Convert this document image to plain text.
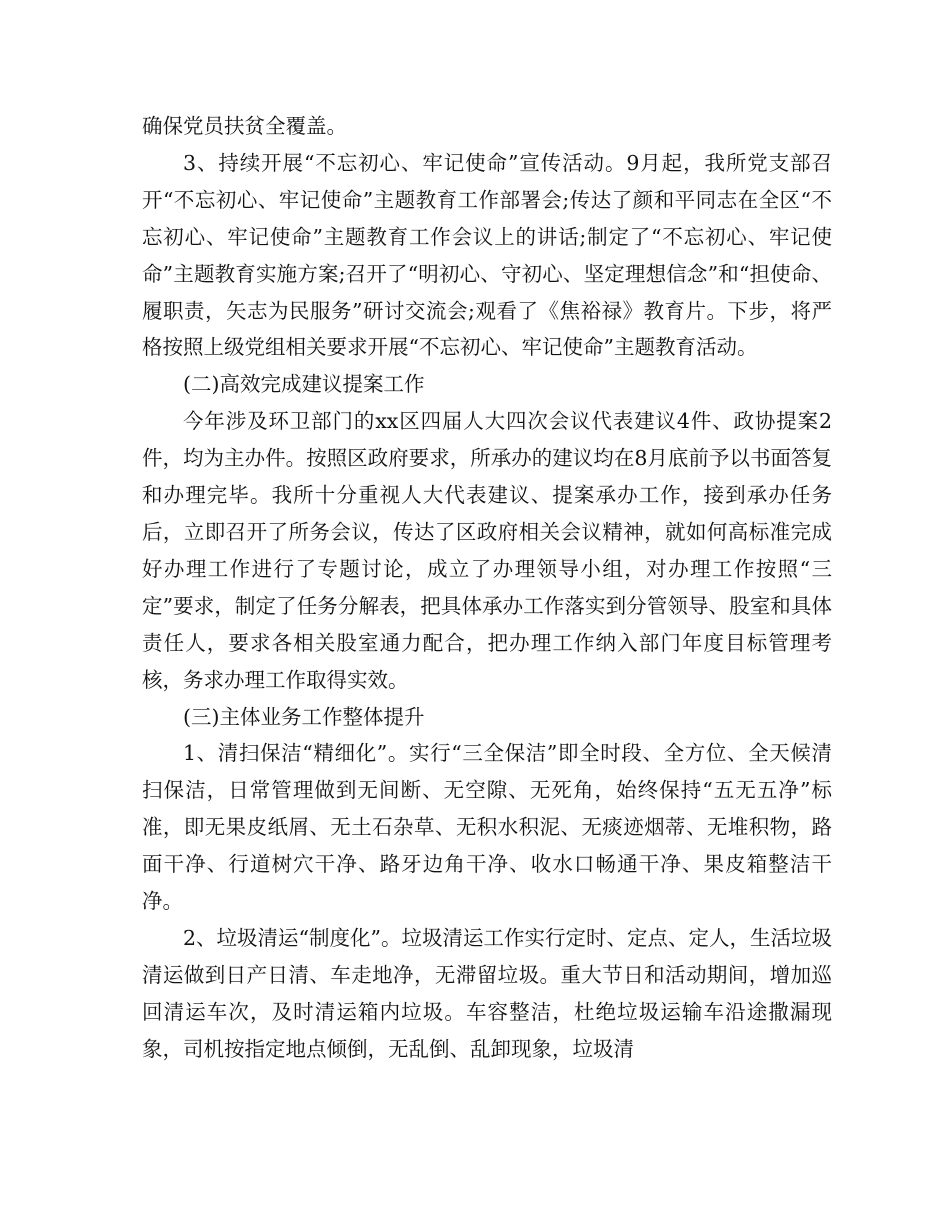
确保党员扶贫全覆盖。

3、持续开展“不忘初心、牢记使命”宣传活动。9月起，我所党支部召开“不忘初心、牢记使命”主题教育工作部署会;传达了颜和平同志在全区“不忘初心、牢记使命”主题教育工作会议上的讲话;制定了“不忘初心、牢记使命”主题教育实施方案;召开了“明初心、守初心、坚定理想信念”和“担使命、履职责，矢志为民服务”研讨交流会;观看了《焦裕禄》教育片。下步，将严格按照上级党组相关要求开展“不忘初心、牢记使命”主题教育活动。

(二)高效完成建议提案工作

今年涉及环卫部门的xx区四届人大四次会议代表建议4件、政协提案2件，均为主办件。按照区政府要求，所承办的建议均在8月底前予以书面答复和办理完毕。我所十分重视人大代表建议、提案承办工作，接到承办任务后，立即召开了所务会议，传达了区政府相关会议精神，就如何高标准完成好办理工作进行了专题讨论，成立了办理领导小组，对办理工作按照“三定”要求，制定了任务分解表，把具体承办工作落实到分管领导、股室和具体责任人，要求各相关股室通力配合，把办理工作纳入部门年度目标管理考核，务求办理工作取得实效。

(三)主体业务工作整体提升

1、清扫保洁“精细化”。实行“三全保洁”即全时段、全方位、全天候清扫保洁，日常管理做到无间断、无空隙、无死角，始终保持“五无五净”标准，即无果皮纸屑、无土石杂草、无积水积泥、无痰迹烟蒂、无堆积物，路面干净、行道树穴干净、路牙边角干净、收水口畅通干净、果皮箱整洁干净。

2、垃圾清运“制度化”。垃圾清运工作实行定时、定点、定人，生活垃圾清运做到日产日清、车走地净，无滞留垃圾。重大节日和活动期间，增加巡回清运车次，及时清运箱内垃圾。车容整洁，杜绝垃圾运输车沿途撒漏现象，司机按指定地点倾倒，无乱倒、乱卸现象，垃圾清
